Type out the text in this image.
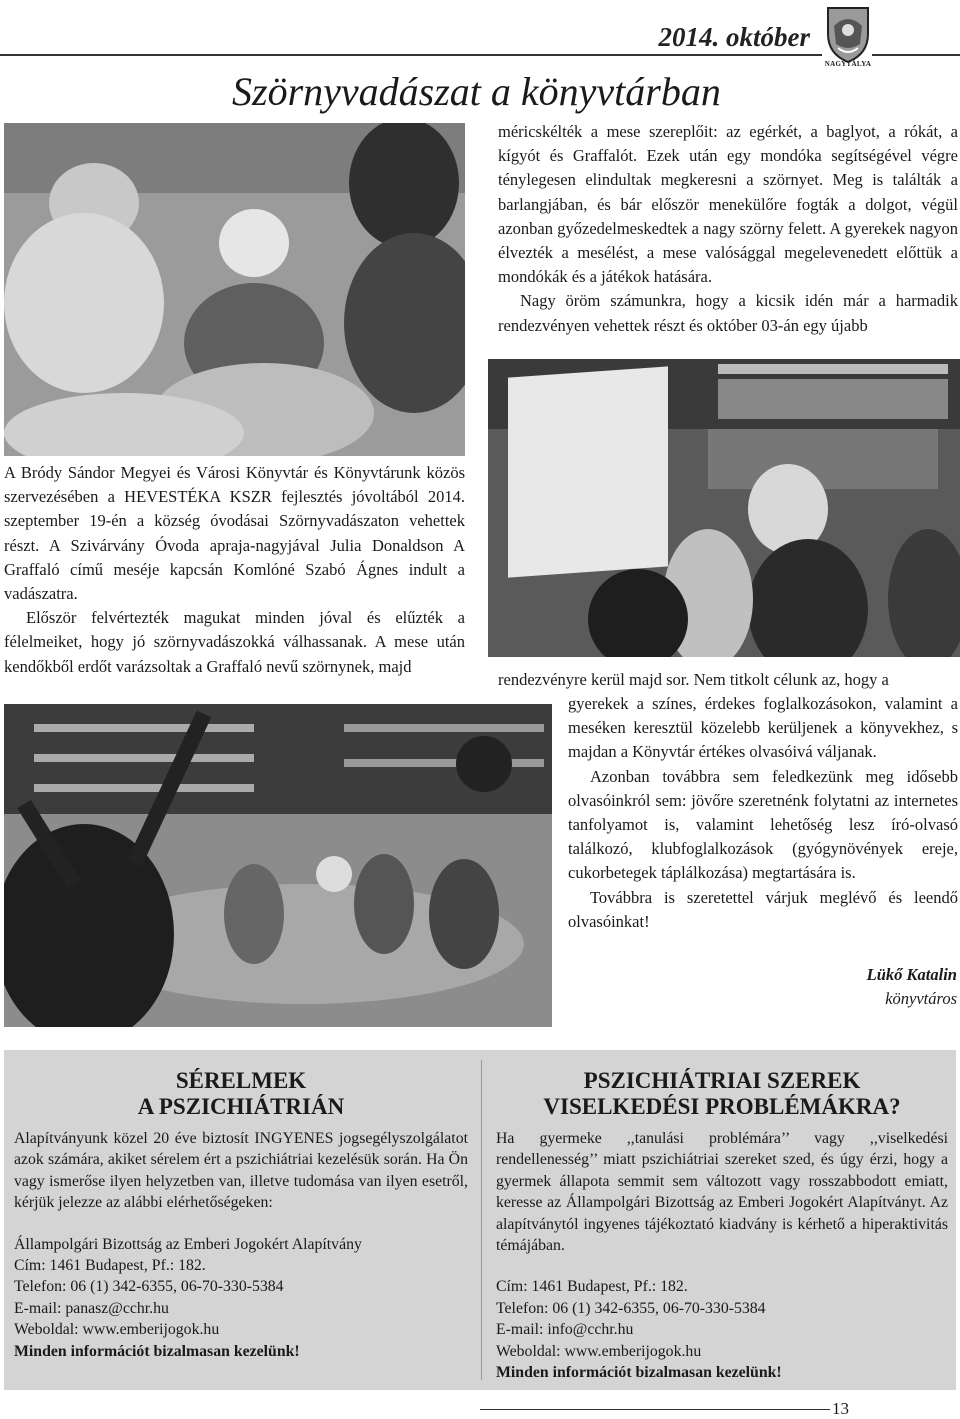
2014. október
NAGYTÁLYA
Szörnyvadászat a könyvtárban

méricskélték a mese szereplőit: az egérkét, a baglyot, a rókát, a kígyót és Graffalót. Ezek után egy mondóka segítségével végre ténylegesen elindultak megkeresni a szörnyet. Meg is találták a barlangjában, és bár először menekülőre fogták a dolgot, végül azonban győzedelmeskedtek a nagy szörny felett. A gyerekek nagyon élvezték a mesélést, a mese valósággal megelevenedett előttük a mondókák és a játékok hatására.

Nagy öröm számunkra, hogy a kicsik idén már a harmadik rendezvényen vehettek részt és október 03-án egy újabb

A Bródy Sándor Megyei és Városi Könyvtár és Könyvtárunk közös szervezésében a HEVESTÉKA KSZR fejlesztés jóvoltából 2014. szeptember 19-én a község óvodásai Szörnyvadászaton vehettek részt. A Szivárvány Óvoda apraja-nagyjával Julia Donaldson A Graffaló című meséje kapcsán Komlóné Szabó Ágnes indult a vadászatra.

Először felvértezték magukat minden jóval és elűzték a félelmeiket, hogy jó szörnyvadászokká válhassanak. A mese után kendőkből erdőt varázsoltak a Graffaló nevű szörnynek, majd

rendezvényre kerül majd sor. Nem titkolt célunk az, hogy a

gyerekek a színes, érdekes foglalkozásokon, valamint a meséken keresztül közelebb kerüljenek a könyvekhez, s majdan a Könyvtár értékes olvasóivá váljanak.

Azonban továbbra sem feledkezünk meg idősebb olvasóinkról sem: jövőre szeretnénk folytatni az internetes tanfolyamot is, valamint lehetőség lesz író-olvasó találkozó, klubfoglalkozások (gyógynövények ereje, cukorbetegek táplálkozása) megtartására is.

Továbbra is szeretettel várjuk meglévő és leendő olvasóinkat!

Lükő Katalin
könyvtáros

SÉRELMEK

A PSZICHIÁTRIÁN

Alapítványunk közel 20 éve biztosít INGYENES jogsegélyszolgálatot azok számára, akiket sérelem ért a pszichiátriai kezelésük során. Ha Ön vagy ismerőse ilyen helyzetben van, illetve tudomása van ilyen esetről, kérjük jelezze az alábbi elérhetőségeken:

Állampolgári Bizottság az Emberi Jogokért Alapítvány

Cím: 1461 Budapest, Pf.: 182.

Telefon: 06 (1) 342-6355, 06-70-330-5384

E-mail: panasz@cchr.hu

Weboldal: www.emberijogok.hu

Minden információt bizalmasan kezelünk!

PSZICHIÁTRIAI SZEREK

VISELKEDÉSI PROBLÉMÁKRA?

Ha gyermeke ,,tanulási problémára’’ vagy ,,viselkedési rendellenesség’’ miatt pszichiátriai szereket szed, és úgy érzi, hogy a gyermek állapota semmit sem változott vagy rosszabbodott emiatt, keresse az Állampolgári Bizottság az Emberi Jogokért Alapítványt. Az alapítványtól ingyenes tájékoztató kiadvány is kérhető a hiperaktivitás témájában.

Cím: 1461 Budapest, Pf.: 182.

Telefon: 06 (1) 342-6355, 06-70-330-5384

E-mail: info@cchr.hu

Weboldal: www.emberijogok.hu

Minden információt bizalmasan kezelünk!

13
